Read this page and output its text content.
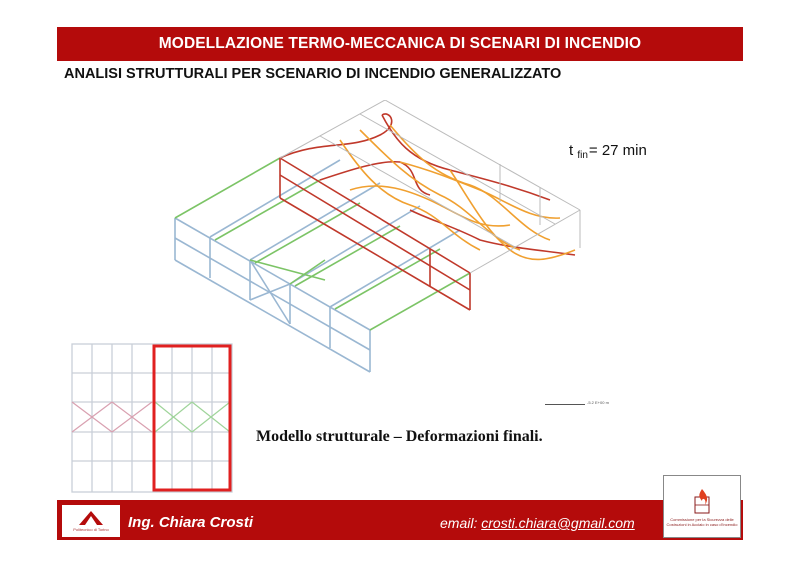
MODELLAZIONE TERMO-MECCANICA DI SCENARI DI INCENDIO
ANALISI STRUTTURALI PER SCENARIO DI INCENDIO GENERALIZZATO
t $_{fin}$= 27 min
-5.2 E+00 m
Modello strutturale – Deformazioni finali.
Politecnico di Torino Ing. Chiara Crosti	email: crosti.chiara@gmail.com	Commissione per la Sicurezza delle Costruzioni in Acciaio in caso d'Incendio
